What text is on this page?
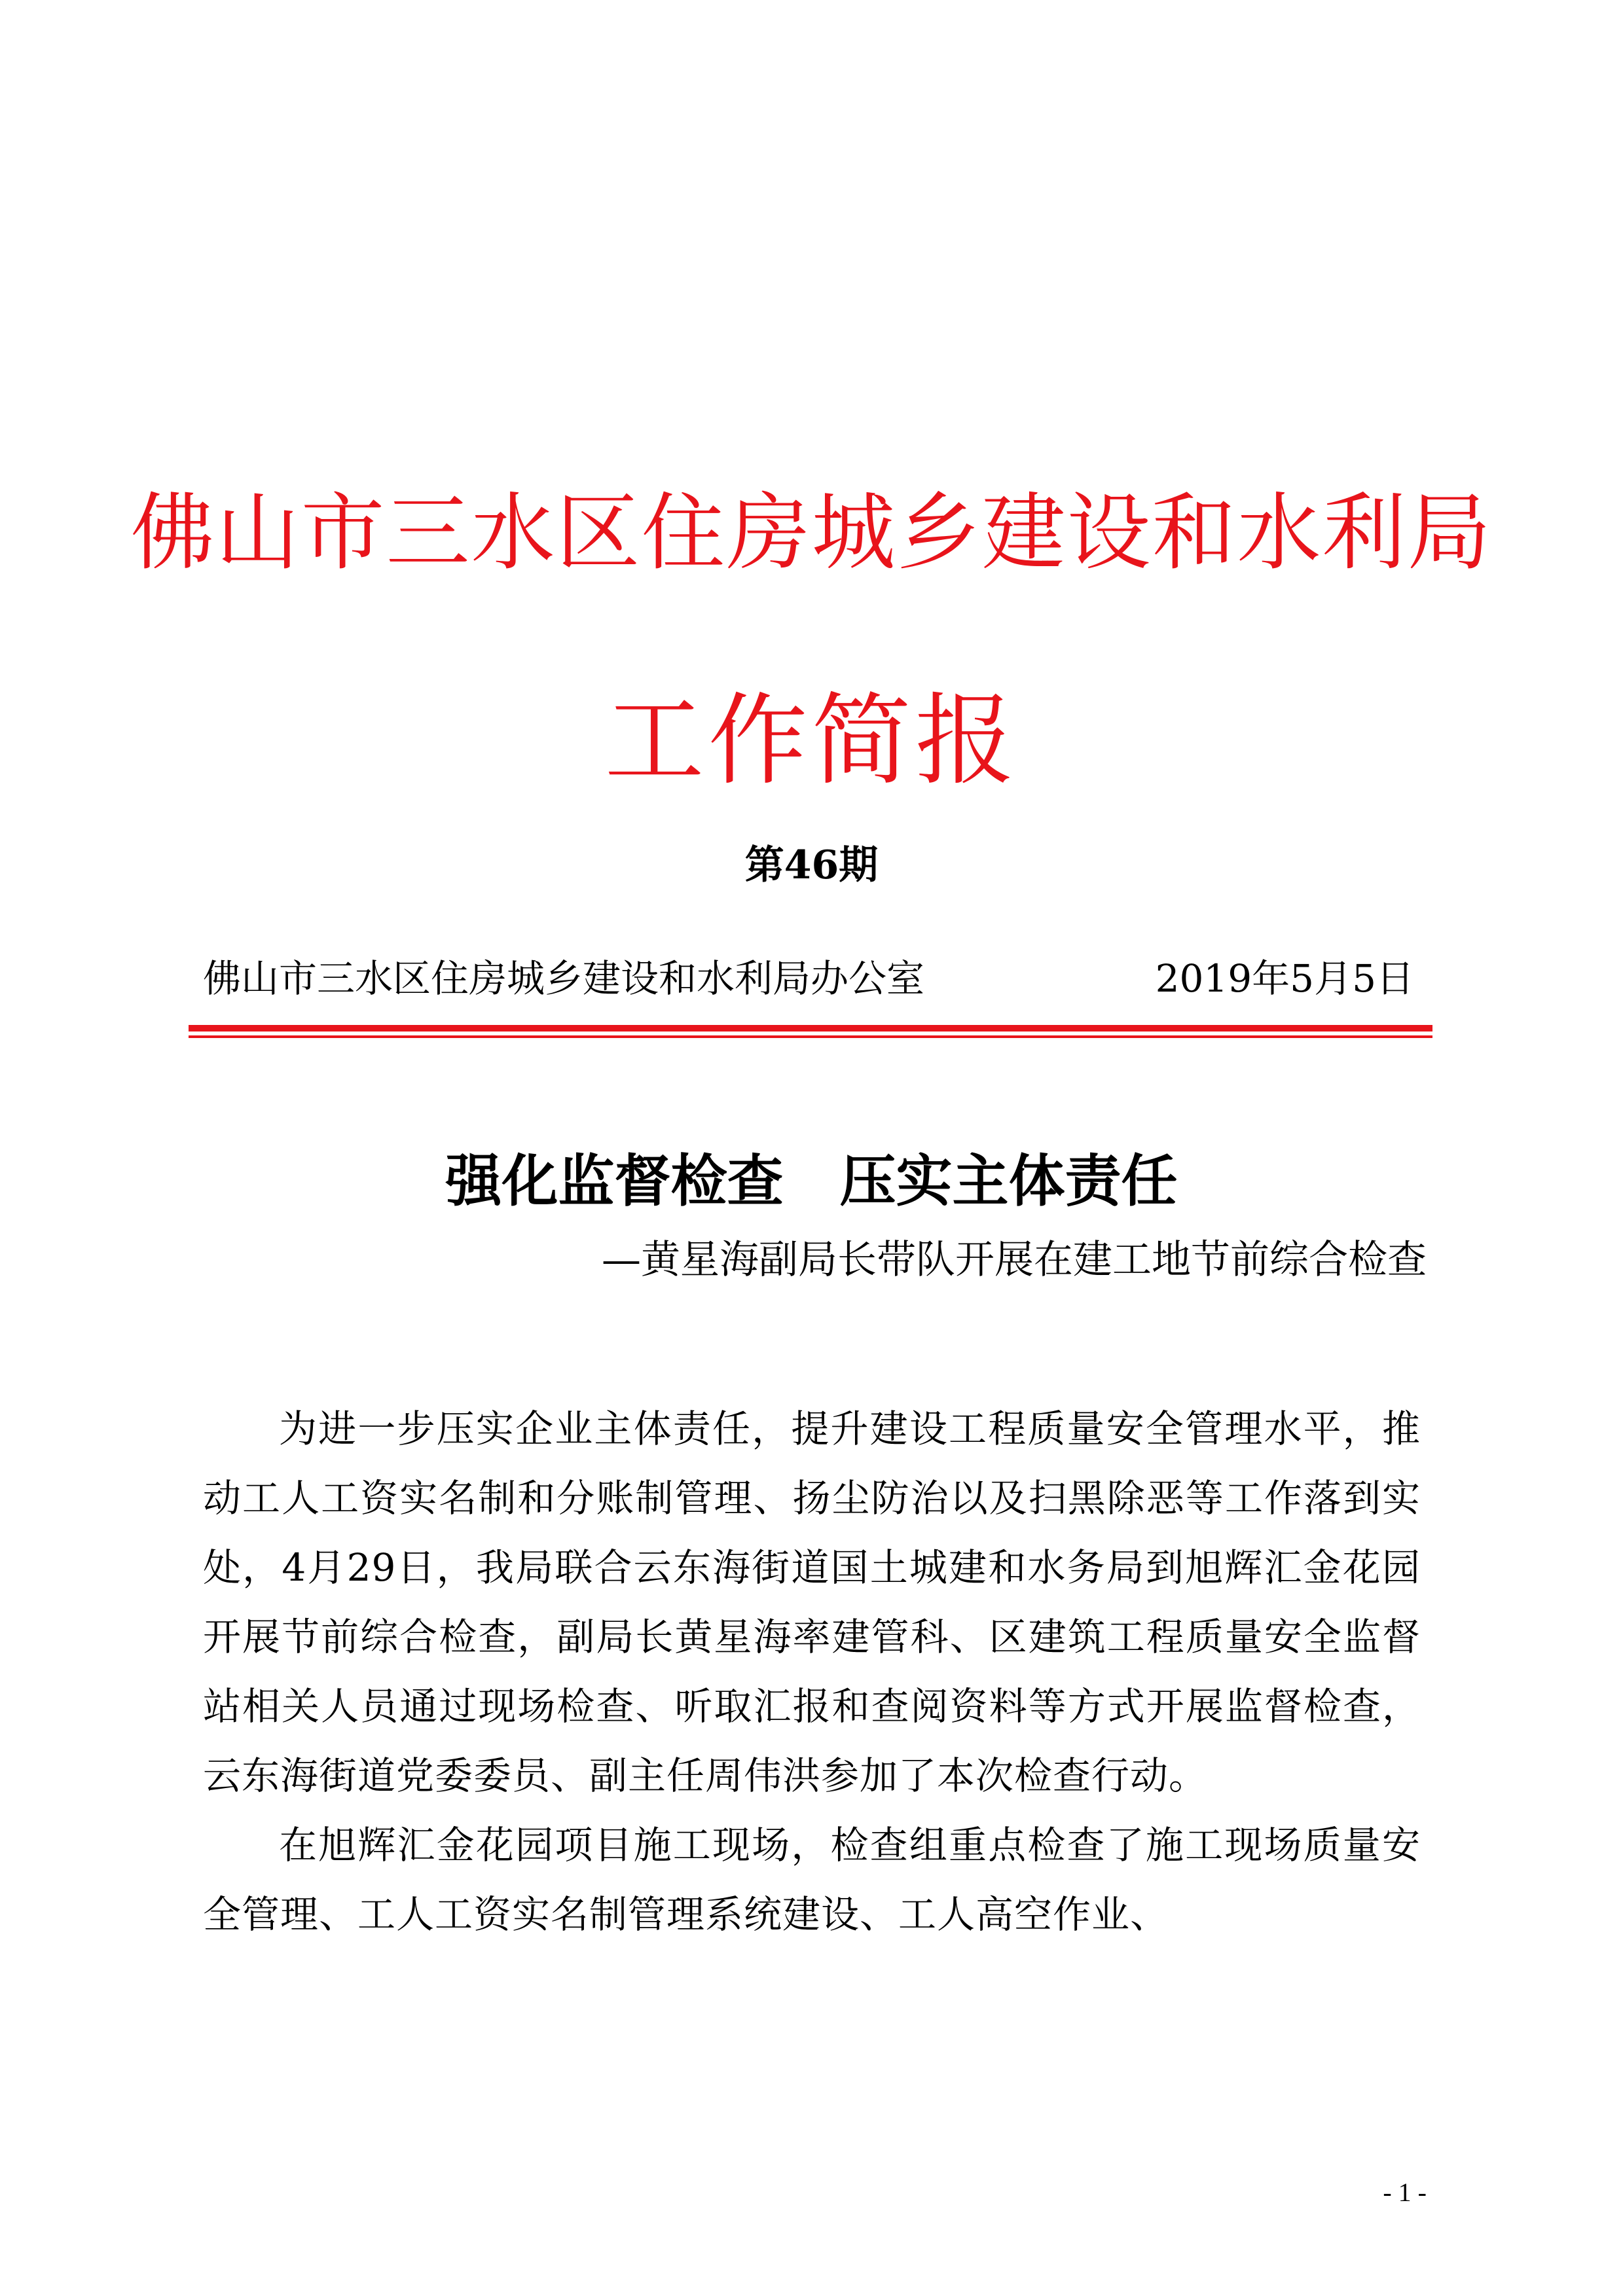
佛山市三水区住房城乡建设和水利局
工作简报
第46期
佛山市三水区住房城乡建设和水利局办公室	2019年5月5日
强化监督检查　压实主体责任
—黄星海副局长带队开展在建工地节前综合检查

为进一步压实企业主体责任，提升建设工程质量安全管理水平，推动工人工资实名制和分账制管理、扬尘防治以及扫黑除恶等工作落到实处，4月29日，我局联合云东海街道国土城建和水务局到旭辉汇金花园开展节前综合检查，副局长黄星海率建管科、区建筑工程质量安全监督站相关人员通过现场检查、听取汇报和查阅资料等方式开展监督检查，云东海街道党委委员、副主任周伟洪参加了本次检查行动。

在旭辉汇金花园项目施工现场，检查组重点检查了施工现场质量安全管理、工人工资实名制管理系统建设、工人高空作业、

- 1 -
